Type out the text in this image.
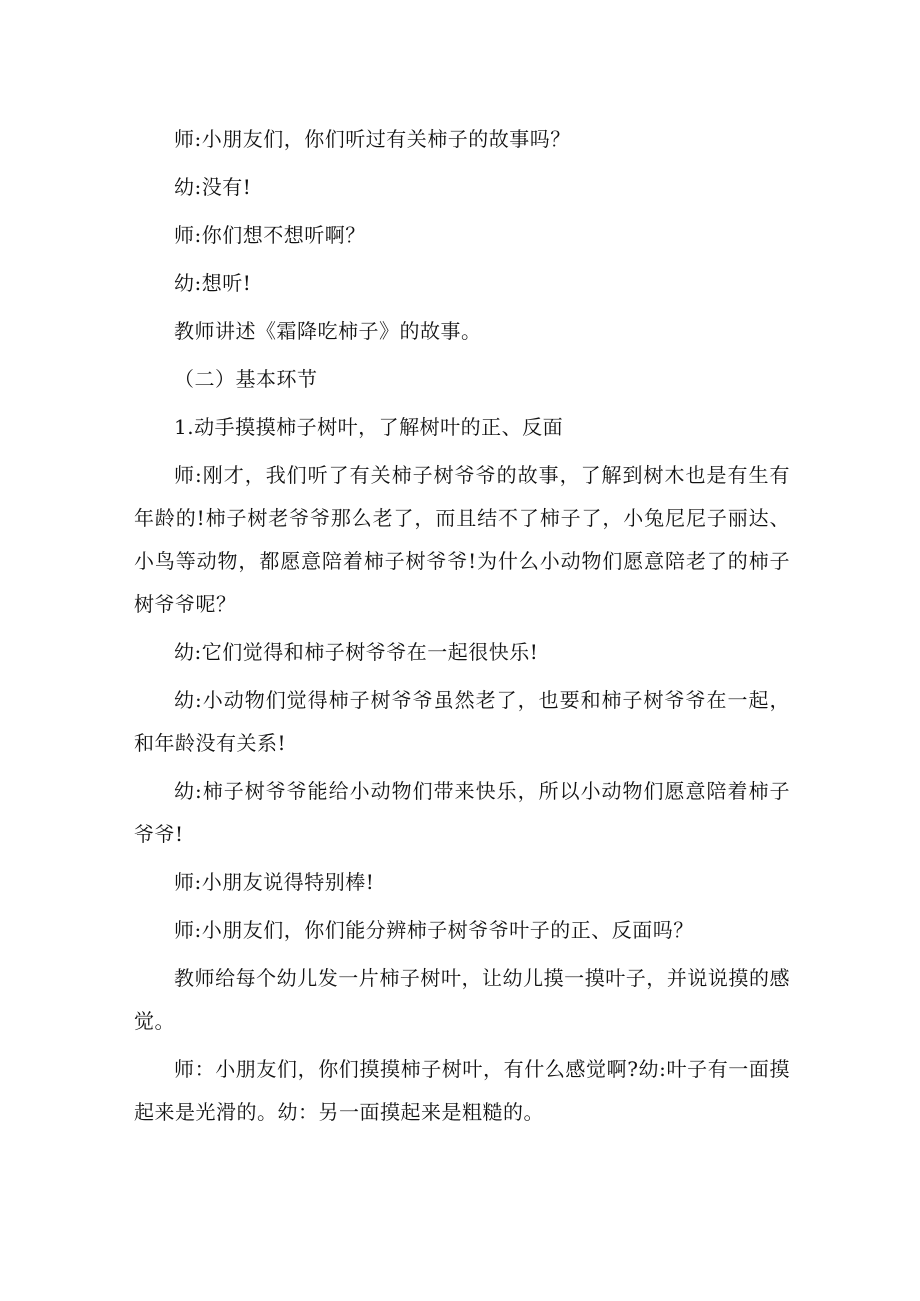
师:小朋友们，你们听过有关柿子的故事吗？

幼:没有!

师:你们想不想听啊？

幼:想听!

教师讲述《霜降吃柿子》的故事。

（二）基本环节

1.动手摸摸柿子树叶，了解树叶的正、反面

师:刚才，我们听了有关柿子树爷爷的故事，了解到树木也是有生有年龄的!柿子树老爷爷那么老了，而且结不了柿子了，小兔尼尼子丽达、小鸟等动物，都愿意陪着柿子树爷爷!为什么小动物们愿意陪老了的柿子树爷爷呢？

幼:它们觉得和柿子树爷爷在一起很快乐!

幼:小动物们觉得柿子树爷爷虽然老了，也要和柿子树爷爷在一起，和年龄没有关系!

幼:柿子树爷爷能给小动物们带来快乐，所以小动物们愿意陪着柿子爷爷!

师:小朋友说得特别棒!

师:小朋友们，你们能分辨柿子树爷爷叶子的正、反面吗？

教师给每个幼儿发一片柿子树叶，让幼儿摸一摸叶子，并说说摸的感觉。

师：小朋友们，你们摸摸柿子树叶，有什么感觉啊?幼:叶子有一面摸起来是光滑的。幼：另一面摸起来是粗糙的。
